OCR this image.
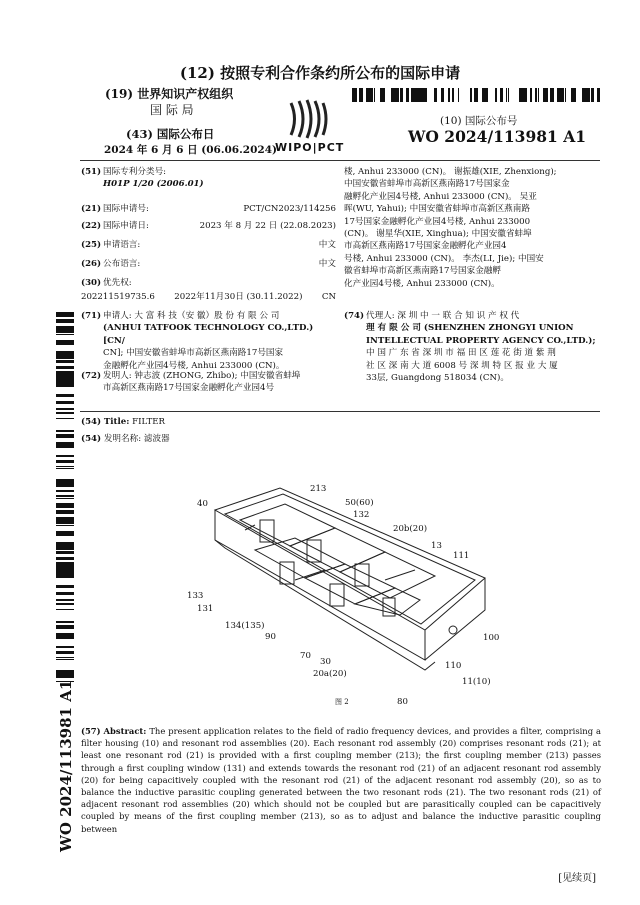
(12) 按照专利合作条约所公布的国际申请
(19) 世界知识产权组织
国 际 局
(43) 国际公布日
2024 年 6 月 6 日 (06.06.2024)
WIPO|PCT
(10) 国际公布号
WO 2024/113981 A1
(51) 国际专利分类号:
H01P 1/20 (2006.01)
(21) 国际申请号:	PCT/CN2023/114256
(22) 国际申请日:	2023 年 8 月 22 日 (22.08.2023)
(25) 申请语言:	中文
(26) 公布语言:	中文
(30) 优先权:
202211519735.6 2022年11月30日 (30.11.2022) CN
(71) 申请人: 大 富 科 技（安 徽）股 份 有 限 公 司
(ANHUI TATFOOK TECHNOLOGY CO.,LTD.) [CN/
CN]; 中国安徽省蚌埠市高新区燕南路17号国家
金融孵化产业园4号楼, Anhui 233000 (CN)。
(72) 发明人: 钟志波 (ZHONG, Zhibo); 中国安徽省蚌埠
市高新区燕南路17号国家金融孵化产业园4号
楼, Anhui 233000 (CN)。 谢振雄(XIE, Zhenxiong);
中国安徽省蚌埠市高新区燕南路17号国家金
融孵化产业园4号楼, Anhui 233000 (CN)。 吴亚
晖(WU, Yahui); 中国安徽省蚌埠市高新区燕南路
17号国家金融孵化产业园4号楼, Anhui 233000
(CN)。 谢星华(XIE, Xinghua); 中国安徽省蚌埠
市高新区燕南路17号国家金融孵化产业园4
号楼, Anhui 233000 (CN)。 李杰(LI, Jie); 中国安
徽省蚌埠市高新区燕南路17号国家金融孵
化产业园4号楼, Anhui 233000 (CN)。
(74) 代理人: 深 圳 中 一 联 合 知 识 产 权 代
理 有 限 公 司 (SHENZHEN ZHONGYI UNION
INTELLECTUAL PROPERTY AGENCY CO.,LTD.);
中 国 广 东 省 深 圳 市 福 田 区 莲 花 街 道 紫 荆
社 区 深 南 大 道 6008 号 深 圳 特 区 报 业 大 厦
33层, Guangdong 518034 (CN)。
(54) Title: FILTER
(54) 发明名称: 滤波器
WO 2024/113981 A1
213
50(60)
40
132
20b(20)
13
111
133
131
134(135)
90	100
70
30
20a(20)
110
11(10)
80
图 2
(57) Abstract: The present application relates to the field of radio frequency devices, and provides a filter, comprising a filter housing (10) and resonant rod assemblies (20). Each resonant rod assembly (20) comprises resonant rods (21); at least one resonant rod (21) is provided with a first coupling member (213); the first coupling member (213) passes through a first coupling window (131) and extends towards the resonant rod (21) of an adjacent resonant rod assembly (20) for being capacitively coupled with the resonant rod (21) of the adjacent resonant rod assembly (20), so as to balance the inductive parasitic coupling generated between the two resonant rods (21). The two resonant rods (21) of adjacent resonant rod assemblies (20) which should not be coupled but are parasitically coupled can be capacitively coupled by means of the first coupling member (213), so as to adjust and balance the inductive parasitic coupling between
[见续页]
